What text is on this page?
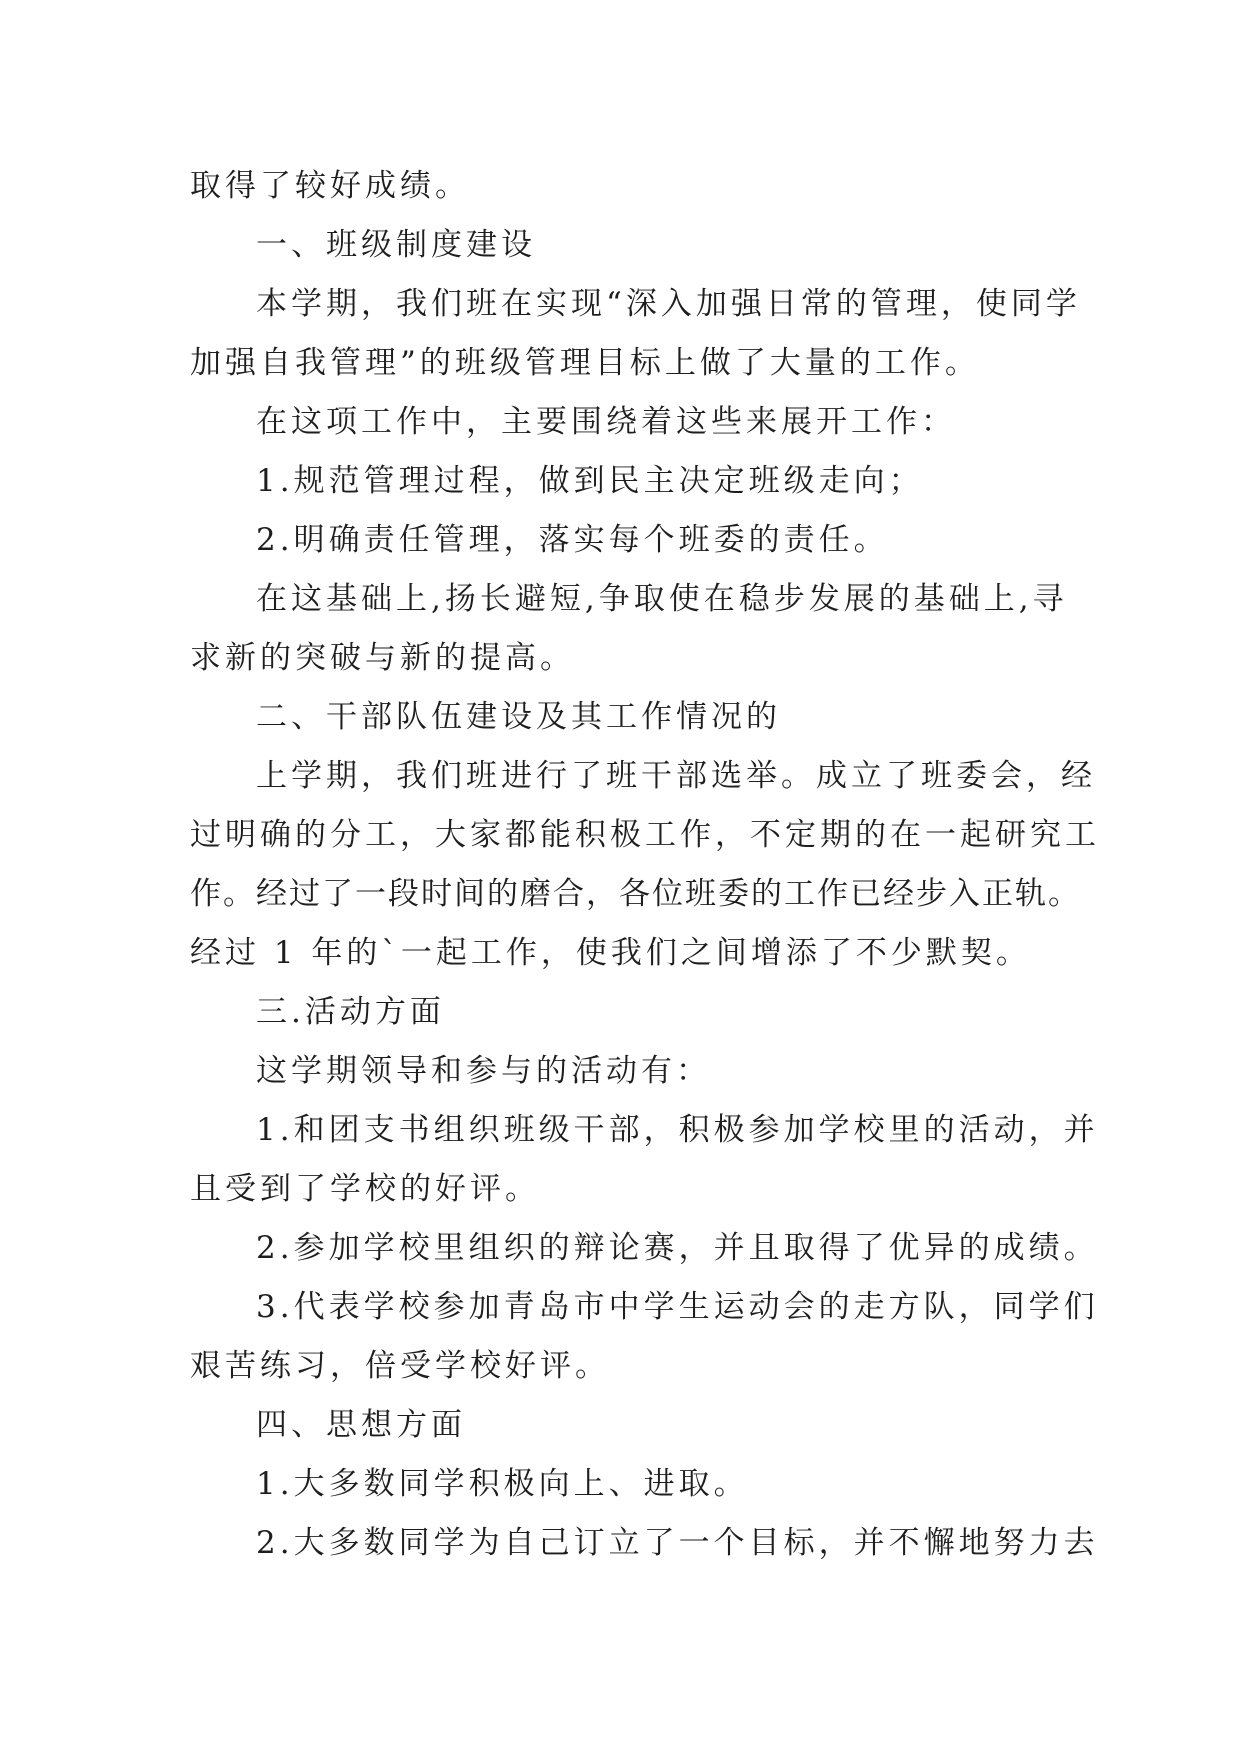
取得了较好成绩。
一、班级制度建设
本学期，我们班在实现“深入加强日常的管理，使同学
加强自我管理”的班级管理目标上做了大量的工作。
在这项工作中，主要围绕着这些来展开工作：
1.规范管理过程，做到民主决定班级走向；
2.明确责任管理，落实每个班委的责任。
在这基础上,扬长避短,争取使在稳步发展的基础上,寻
求新的突破与新的提高。
二、干部队伍建设及其工作情况的
上学期，我们班进行了班干部选举。成立了班委会，经
过明确的分工，大家都能积极工作，不定期的在一起研究工
作。经过了一段时间的磨合，各位班委的工作已经步入正轨。
经过 1 年的`一起工作，使我们之间增添了不少默契。
三.活动方面
这学期领导和参与的活动有：
1.和团支书组织班级干部，积极参加学校里的活动，并
且受到了学校的好评。
2.参加学校里组织的辩论赛，并且取得了优异的成绩。
3.代表学校参加青岛市中学生运动会的走方队，同学们
艰苦练习，倍受学校好评。
四、思想方面
1.大多数同学积极向上、进取。
2.大多数同学为自己订立了一个目标，并不懈地努力去
